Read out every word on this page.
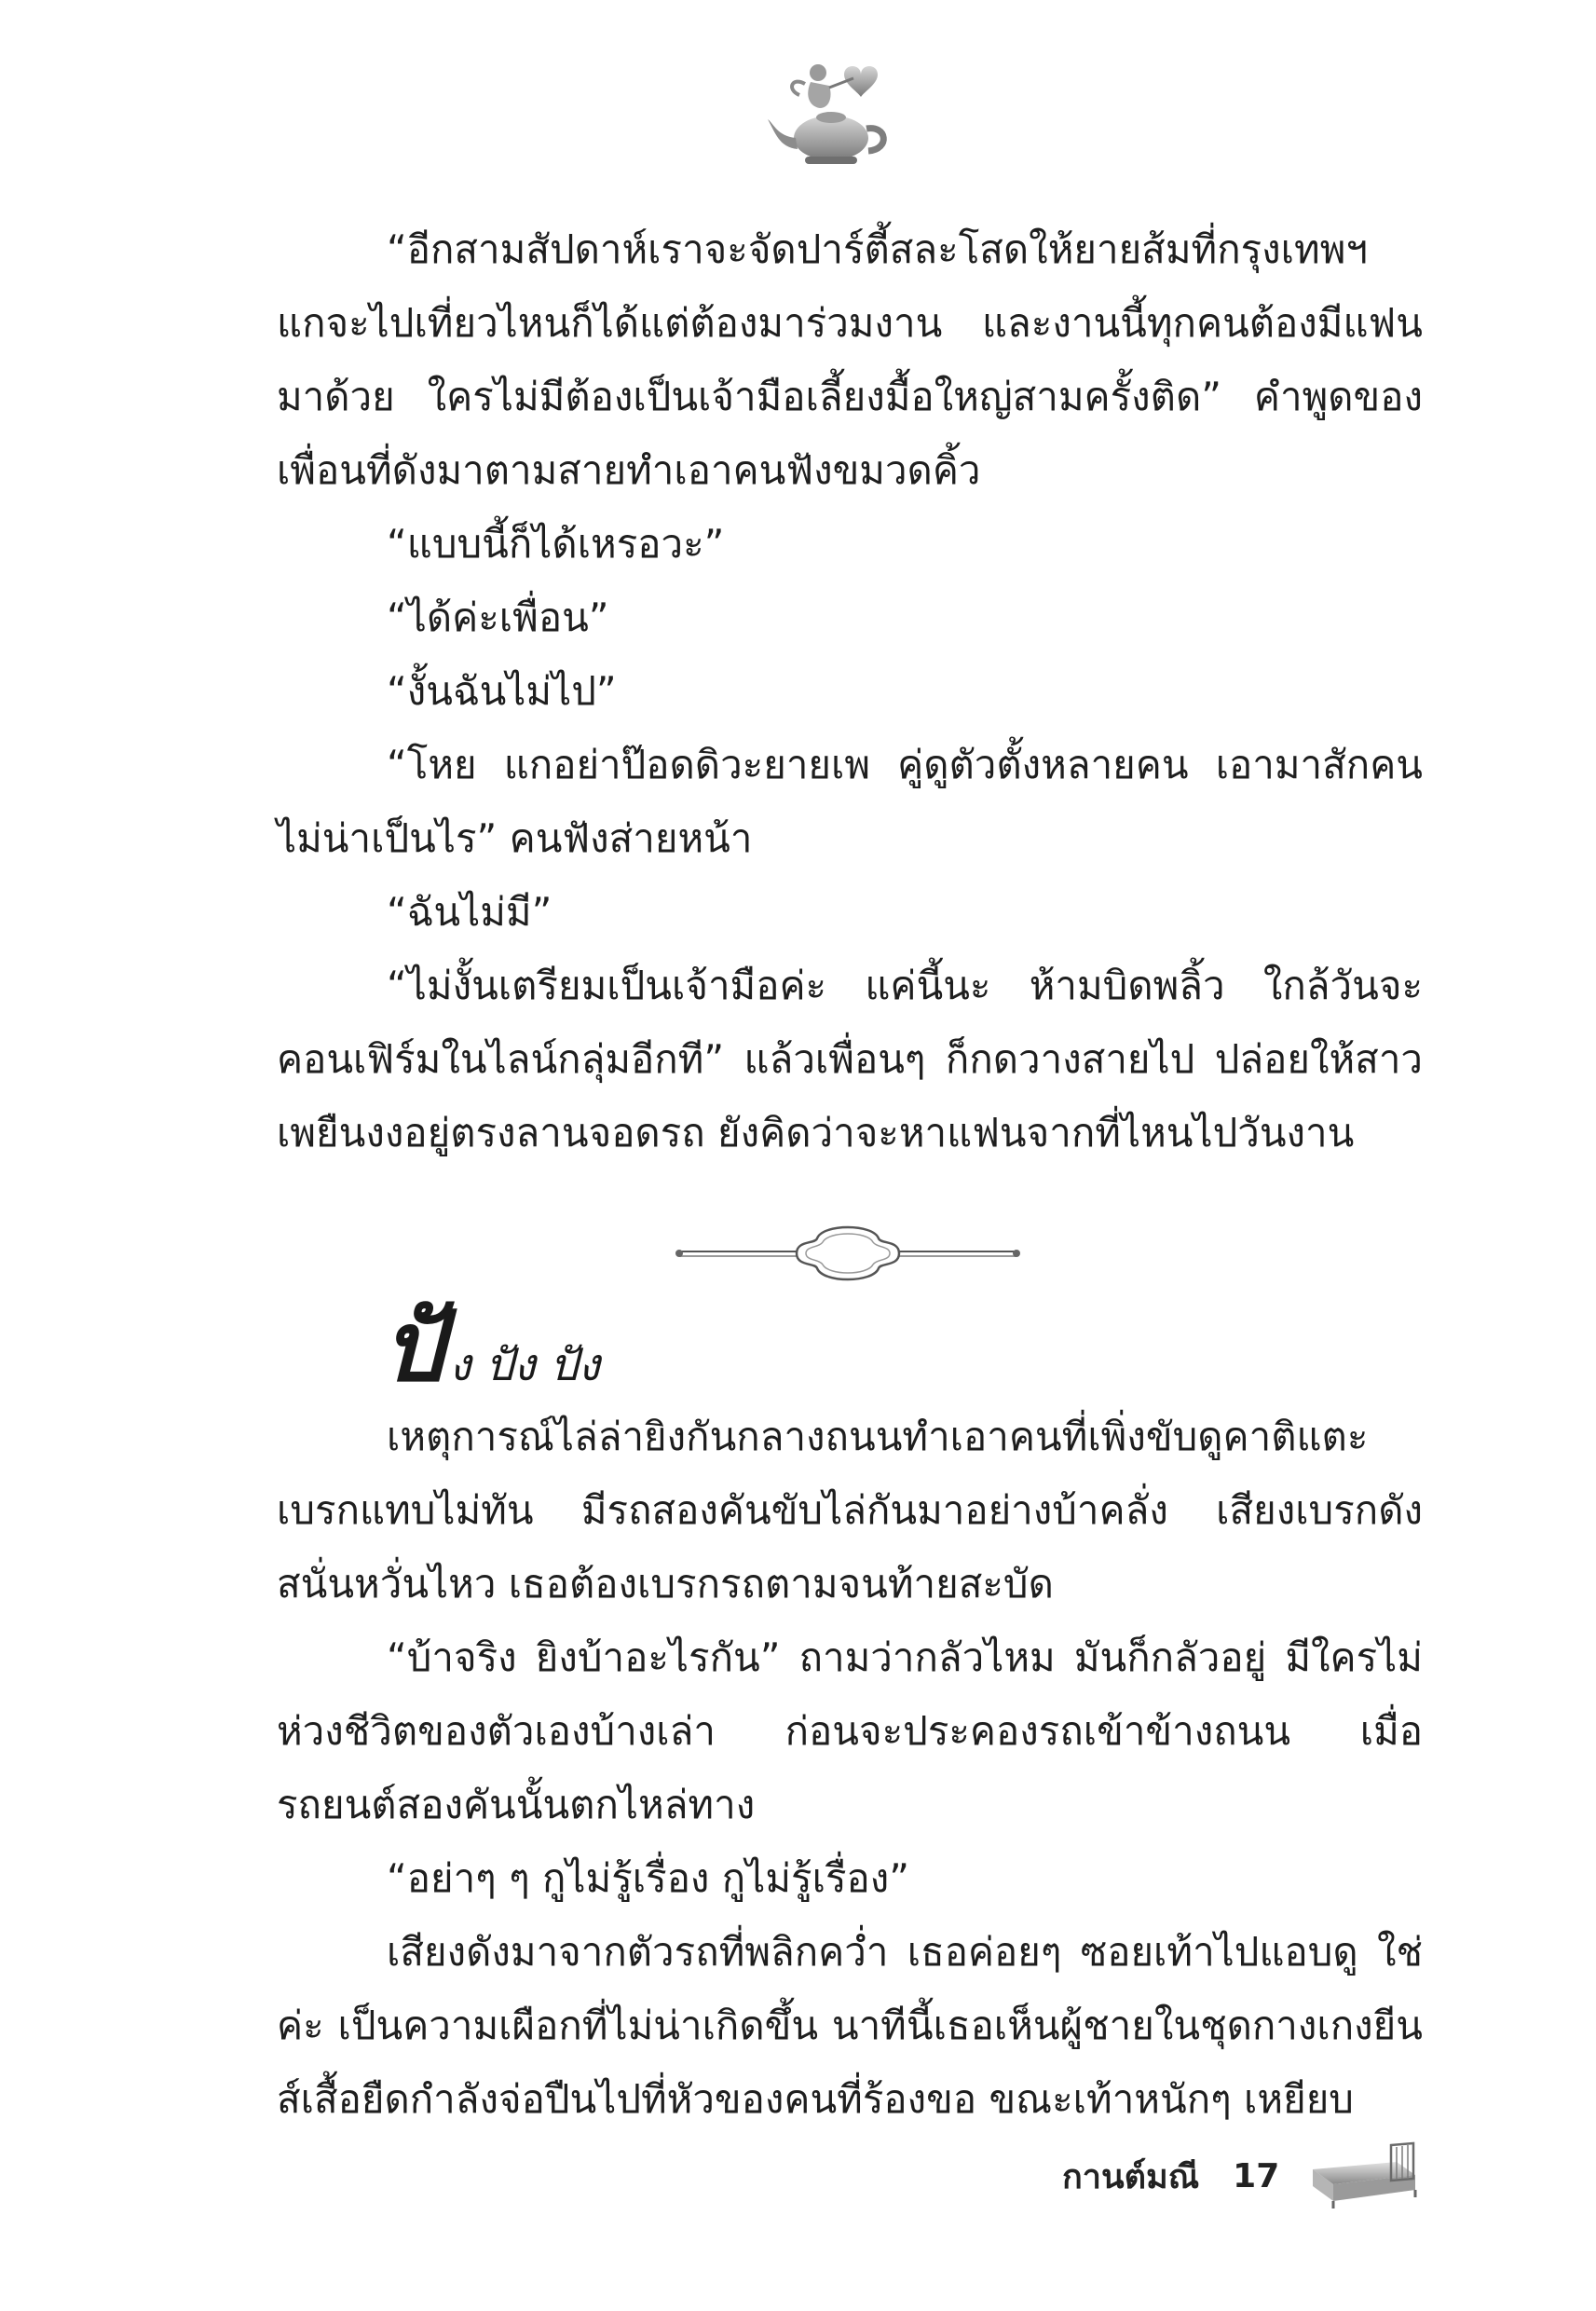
“อีกสามสัปดาห์เราจะจัดปาร์ตี้สละโสดให้ยายส้มที่กรุงเทพฯ แกจะไปเที่ยวไหนก็ได้แต่ต้องมาร่วมงาน และงานนี้ทุกคนต้องมีแฟนมาด้วย ใครไม่มีต้องเป็นเจ้ามือเลี้ยงมื้อใหญ่สามครั้งติด” คำพูดของเพื่อนที่ดังมาตามสายทำเอาคนฟังขมวดคิ้ว

“แบบนี้ก็ได้เหรอวะ”

“ได้ค่ะเพื่อน”

“งั้นฉันไม่ไป”

“โหย แกอย่าป๊อดดิวะยายเพ คู่ดูตัวตั้งหลายคน เอามาสักคนไม่น่าเป็นไร” คนฟังส่ายหน้า

“ฉันไม่มี”

“ไม่งั้นเตรียมเป็นเจ้ามือค่ะ แค่นี้นะ ห้ามบิดพลิ้ว ใกล้วันจะคอนเฟิร์มในไลน์กลุ่มอีกที” แล้วเพื่อนๆ ก็กดวางสายไป ปล่อยให้สาวเพยืนงงอยู่ตรงลานจอดรถ ยังคิดว่าจะหาแฟนจากที่ไหนไปวันงาน

ปัง ปัง ปัง

เหตุการณ์ไล่ล่ายิงกันกลางถนนทำเอาคนที่เพิ่งขับดูคาติแตะเบรกแทบไม่ทัน มีรถสองคันขับไล่กันมาอย่างบ้าคลั่ง เสียงเบรกดังสนั่นหวั่นไหว เธอต้องเบรกรถตามจนท้ายสะบัด

“บ้าจริง ยิงบ้าอะไรกัน” ถามว่ากลัวไหม มันก็กลัวอยู่ มีใครไม่ห่วงชีวิตของตัวเองบ้างเล่า ก่อนจะประคองรถเข้าข้างถนน เมื่อรถยนต์สองคันนั้นตกไหล่ทาง

“อย่าๆ ๆ กูไม่รู้เรื่อง กูไม่รู้เรื่อง”

เสียงดังมาจากตัวรถที่พลิกคว่ำ เธอค่อยๆ ซอยเท้าไปแอบดู ใช่ค่ะ เป็นความเผือกที่ไม่น่าเกิดขึ้น นาทีนี้เธอเห็นผู้ชายในชุดกางเกงยีนส์เสื้อยืดกำลังจ่อปืนไปที่หัวของคนที่ร้องขอ ขณะเท้าหนักๆ เหยียบ

กานต์มณี 17
